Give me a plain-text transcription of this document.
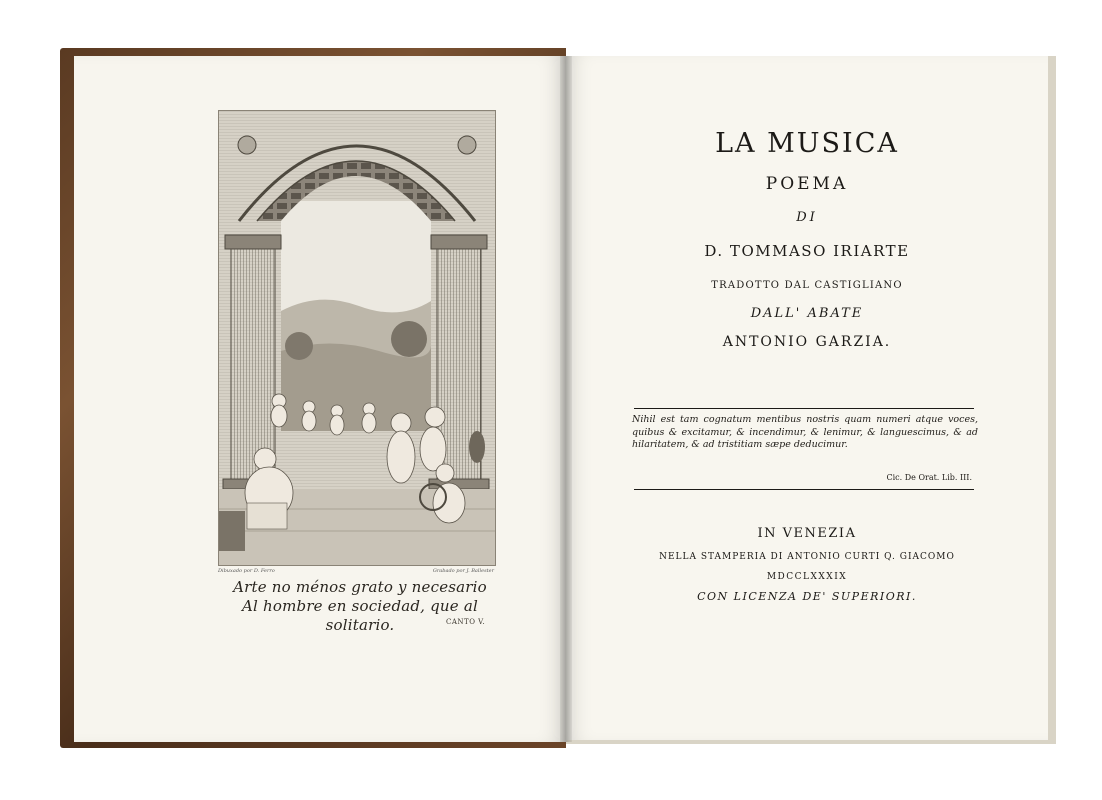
Dibuxado por D. Ferro	Grabado por J. Ballester
Arte no ménos grato y necesario
Al hombre en sociedad, que al solitario.	CANTO V.
LA MUSICA
POEMA
DI
D. TOMMASO IRIARTE
TRADOTTO DAL CASTIGLIANO
DALL' ABATE
ANTONIO GARZIA.
Nihil est tam cognatum mentibus nostris quam numeri atque voces, quibus & excitamur, & incendimur, & lenimur, & languescimus, & ad hilaritatem, & ad tristitiam sæpe deducimur.
Cic. De Orat. Lib. III.
IN VENEZIA
NELLA STAMPERIA DI ANTONIO CURTI Q. GIACOMO
MDCCLXXXIX
CON LICENZA DE' SUPERIORI.
